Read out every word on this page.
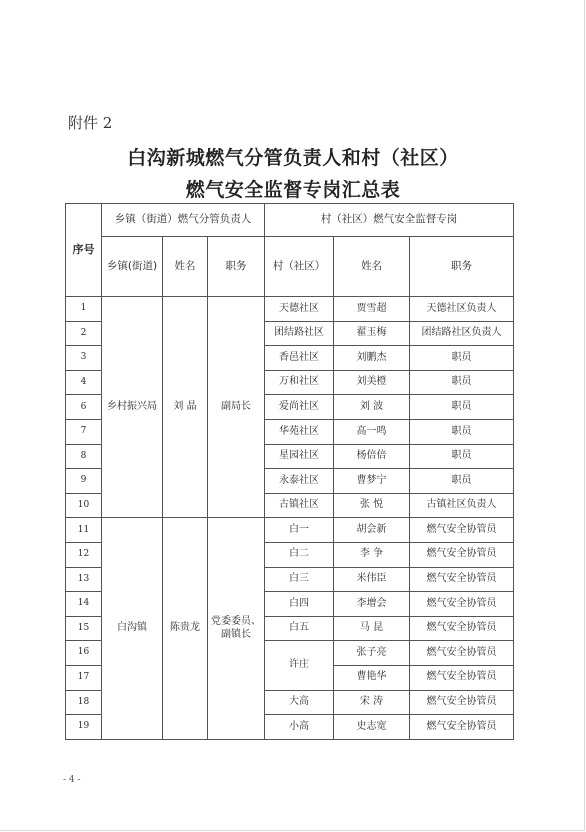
附件 2
白沟新城燃气分管负责人和村（社区）
燃气安全监督专岗汇总表
序号	乡镇（街道）燃气分管负责人			村（社区）燃气安全监督专岗		
	乡镇(街道)	姓名	职务	村（社区）	姓名	职务
1	乡村振兴局	刘 晶	副局长	天德社区	贾雪超	天德社区负责人
2				团结路社区	翟玉梅	团结路社区负责人
3				香邑社区	刘鹏杰	职员
4				万和社区	刘美橙	职员
6				爱尚社区	刘 波	职员
7				华苑社区	高一鸣	职员
8				星园社区	杨倍倍	职员
9				永泰社区	曹梦宁	职员
10				古镇社区	张 悦	古镇社区负责人
11	白沟镇	陈贵龙	党委委员、副镇长	白一	胡会新	燃气安全协管员
12				白二	李 争	燃气安全协管员
13				白三	米伟臣	燃气安全协管员
14				白四	李增会	燃气安全协管员
15				白五	马 昆	燃气安全协管员
16				许庄	张子亮	燃气安全协管员
17					曹艳华	燃气安全协管员
18				大高	宋 涛	燃气安全协管员
19				小高	史志宽	燃气安全协管员
- 4 -
